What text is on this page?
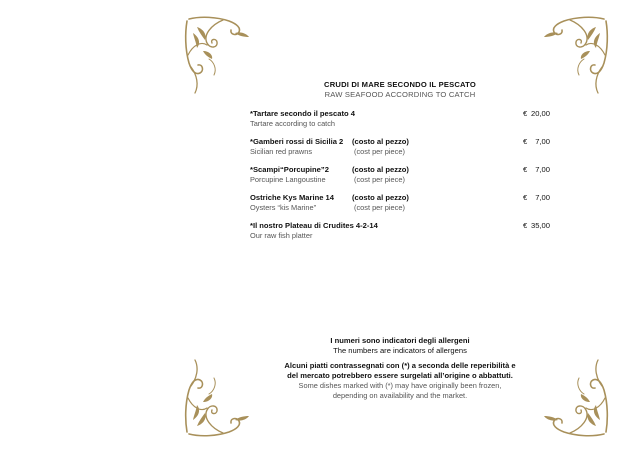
CRUDI DI MARE SECONDO IL PESCATO
RAW SEAFOOD ACCORDING TO CATCH
*Tartare secondo il pescato 4
Tartare according to catch
€ 20,00
*Gamberi rossi di Sicilia 2
Sicilian red prawns
(costo al pezzo)
(cost per piece)
€ 7,00
*Scampi“Porcupine”2
Porcupine Langoustine
(costo al pezzo)
(cost per piece)
€ 7,00
Ostriche Kys Marine 14
Oysters “kis Marine”
(costo al pezzo)
(cost per piece)
€ 7,00
*Il nostro Plateau di Crudites 4-2-14
Our raw fish platter
€ 35,00
I numeri sono indicatori degli allergeni
The numbers are indicators of allergens
Alcuni piatti contrassegnati con (*) a seconda delle reperibilità e
del mercato potrebbero essere surgelati all’origine o abbattuti.
Some dishes marked with (*) may have originally been frozen,
depending on availability and the market.
